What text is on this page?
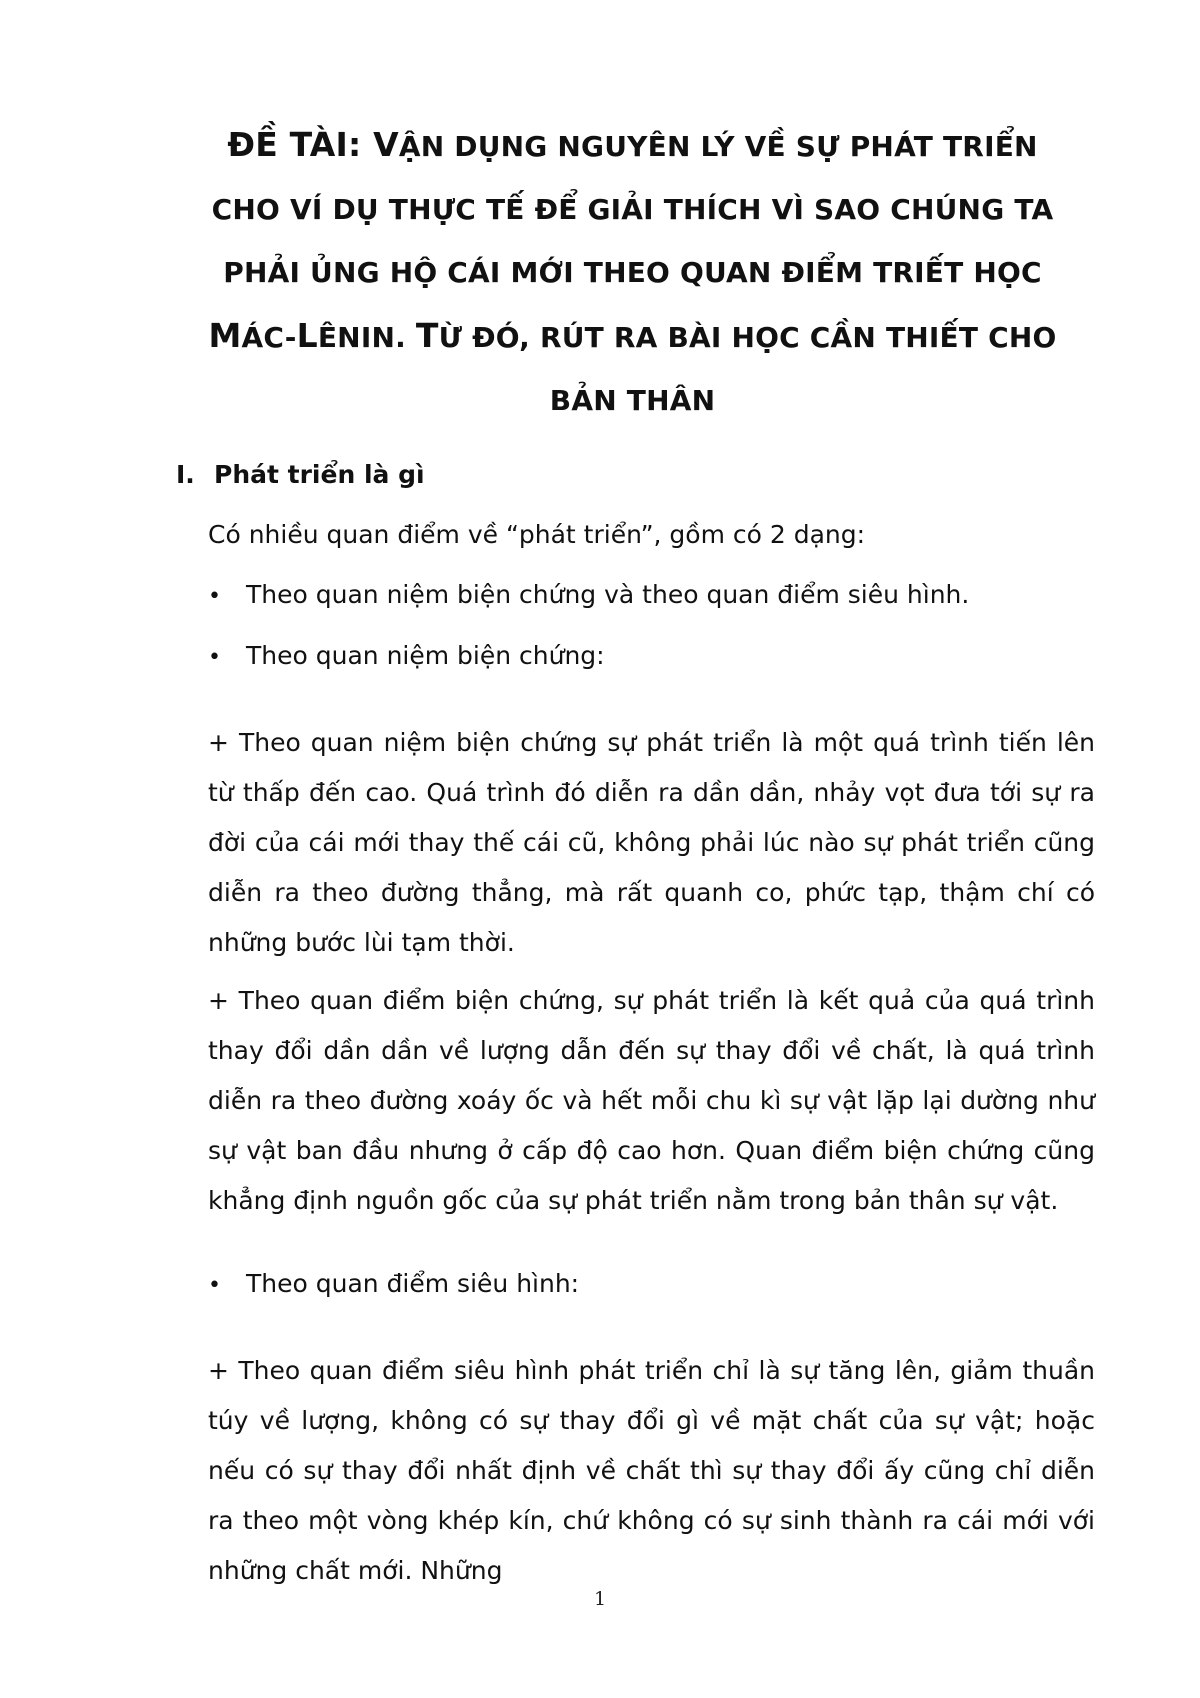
ĐỀ TÀI: VẬN DỤNG NGUYÊN LÝ VỀ SỰ PHÁT TRIỂN
CHO VÍ DỤ THỰC TẾ ĐỂ GIẢI THÍCH VÌ SAO CHÚNG TA
PHẢI ỦNG HỘ CÁI MỚI THEO QUAN ĐIỂM TRIẾT HỌC
MÁC-LÊNIN. TỪ ĐÓ, RÚT RA BÀI HỌC CẦN THIẾT CHO
BẢN THÂN
I. Phát triển là gì
Có nhiều quan điểm về “phát triển”, gồm có 2 dạng:
• Theo quan niệm biện chứng và theo quan điểm siêu hình.
• Theo quan niệm biện chứng:

+ Theo quan niệm biện chứng sự phát triển là một quá trình tiến lên từ thấp đến cao. Quá trình đó diễn ra dần dần, nhảy vọt đưa tới sự ra đời của cái mới thay thế cái cũ, không phải lúc nào sự phát triển cũng diễn ra theo đường thẳng, mà rất quanh co, phức tạp, thậm chí có những bước lùi tạm thời.

+ Theo quan điểm biện chứng, sự phát triển là kết quả của quá trình thay đổi dần dần về lượng dẫn đến sự thay đổi về chất, là quá trình diễn ra theo đường xoáy ốc và hết mỗi chu kì sự vật lặp lại dường như sự vật ban đầu nhưng ở cấp độ cao hơn. Quan điểm biện chứng cũng khẳng định nguồn gốc của sự phát triển nằm trong bản thân sự vật.

• Theo quan điểm siêu hình:

+ Theo quan điểm siêu hình phát triển chỉ là sự tăng lên, giảm thuần túy về lượng, không có sự thay đổi gì về mặt chất của sự vật; hoặc nếu có sự thay đổi nhất định về chất thì sự thay đổi ấy cũng chỉ diễn ra theo một vòng khép kín, chứ không có sự sinh thành ra cái mới với những chất mới. Những

1
